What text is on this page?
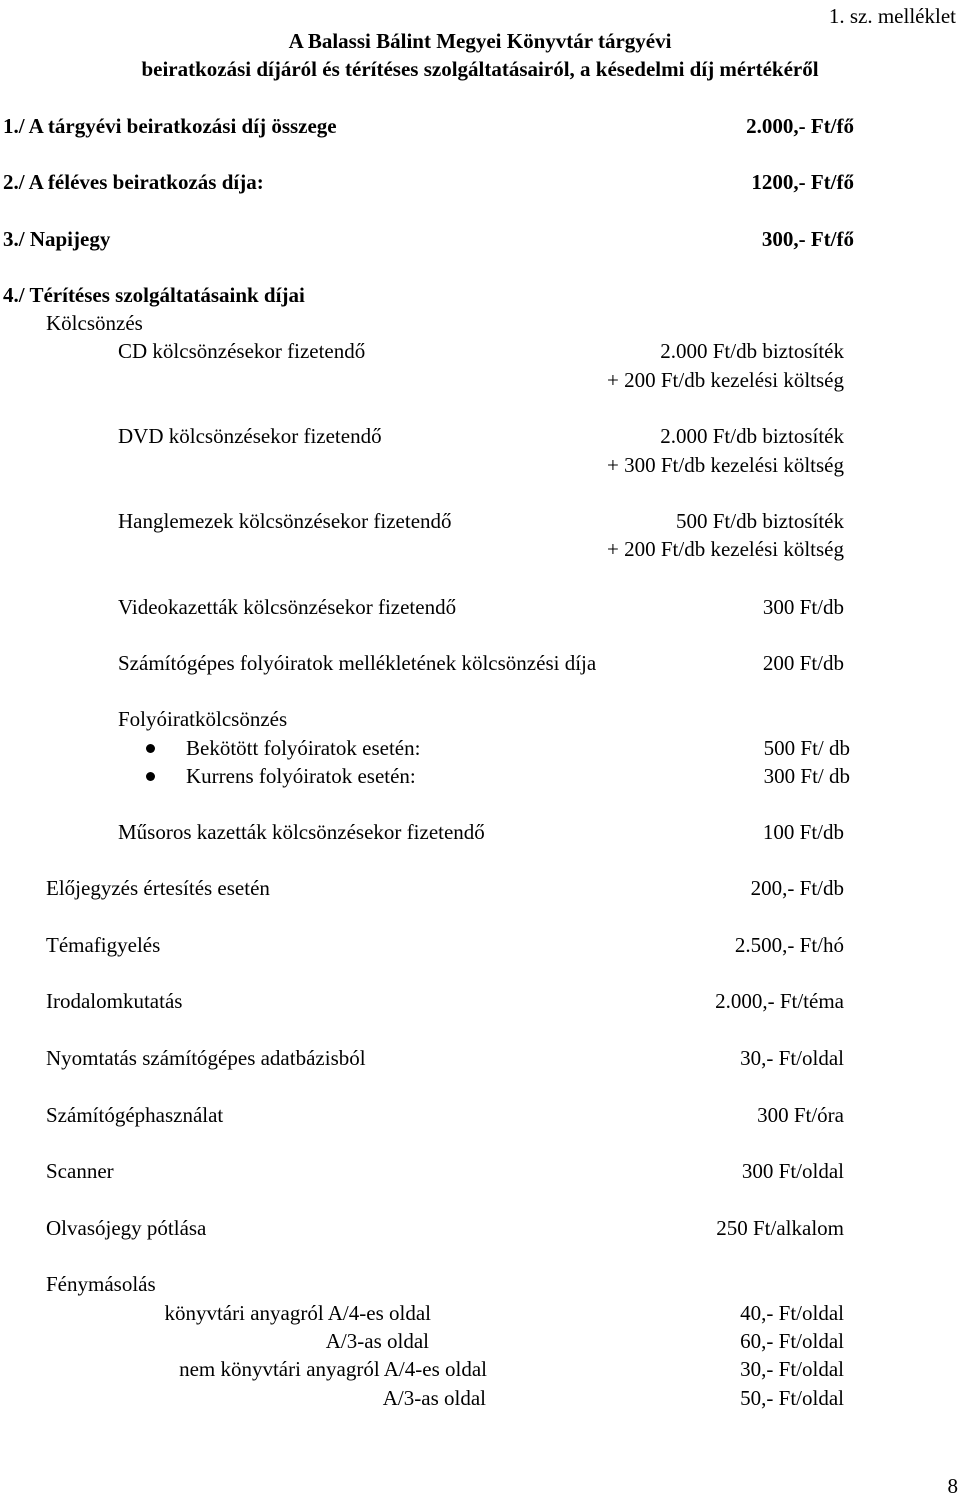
1. sz. melléklet
A Balassi Bálint Megyei Könyvtár tárgyévi
beiratkozási díjáról és térítéses szolgáltatásairól, a késedelmi díj mértékéről
1./ A tárgyévi beiratkozási díj összege	2.000,- Ft/fő
2./ A féléves beiratkozás díja:	1200,- Ft/fő
3./ Napijegy	300,- Ft/fő
4./ Térítéses szolgáltatásaink díjai
Kölcsönzés
CD kölcsönzésekor fizetendő	2.000 Ft/db biztosíték
+ 200 Ft/db kezelési költség
DVD kölcsönzésekor fizetendő	2.000 Ft/db biztosíték
+ 300 Ft/db kezelési költség
Hanglemezek kölcsönzésekor fizetendő	500 Ft/db biztosíték
+ 200 Ft/db kezelési költség
Videokazetták kölcsönzésekor fizetendő	300 Ft/db
Számítógépes folyóiratok mellékletének kölcsönzési díja	200 Ft/db
Folyóiratkölcsönzés
Bekötött folyóiratok esetén:	500 Ft/ db
Kurrens folyóiratok esetén:	300 Ft/ db
Műsoros kazetták kölcsönzésekor fizetendő	100 Ft/db
Előjegyzés értesítés esetén	200,- Ft/db
Témafigyelés	2.500,- Ft/hó
Irodalomkutatás	2.000,- Ft/téma
Nyomtatás számítógépes adatbázisból	30,- Ft/oldal
Számítógéphasználat	300 Ft/óra
Scanner	300 Ft/oldal
Olvasójegy pótlása	250 Ft/alkalom
Fénymásolás
könyvtári anyagról A/4-es oldal	40,- Ft/oldal
A/3-as oldal	60,- Ft/oldal
nem könyvtári anyagról A/4-es oldal	30,- Ft/oldal
A/3-as oldal	50,- Ft/oldal
8
